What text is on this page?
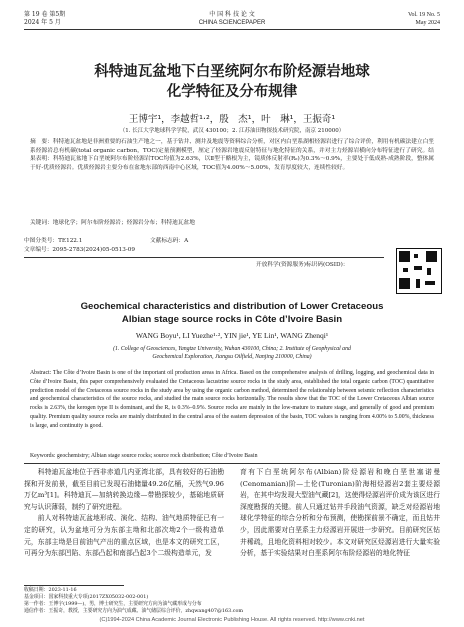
第 19 卷 第5期
2024 年 5 月
中 国 科 技 论 文
CHINA SCIENCEPAPER
Vol. 19 No. 5
May 2024
科特迪瓦盆地下白垩统阿尔布阶烃源岩地球
化学特征及分布规律
王博宇¹，李越哲¹·²，殷　杰¹，叶　琳¹，王振奇¹
（1. 长江大学地球科学学院，武汉 430100；2. 江苏油田物探技术研究院，南京 210000）
摘　要：科特迪瓦盆地是非洲重要的石油生产地之一，基于钻井、测井及地震等资料综合分析，对区内白垩系湖相烃源岩进行了综合评价，利用有机碳法建立白垩系烃源岩总有机碳(total organic carbon，TOC)定量预测模型，厘定了烃源岩地震反射特征与地化特征的关系，并对主力烃源岩横向分布特征进行了研究。结果表明：科特迪瓦盆地下白垩统阿尔布阶烃源岩TOC均值为2.63%，以Ⅱ型干酪根为主，镜质体反射率(Rₒ)为0.3%～0.9%，主要处于低成熟-成熟阶段，整体属于好-优质烃源岩。优质烃源岩主要分布在盆地东部的西南中心区域，TOC值为4.00%～5.00%，发育厚度较大，连续性较好。
关键词：地球化学；阿尔布阶烃源岩；烃源岩分布；科特迪瓦盆地
中图分类号：TE122.1	文献标志码：A
文章编号：2095-2783(2024)05-0513-09
开放科学(资源服务)标识码(OSID)：
Geochemical characteristics and distribution of Lower Cretaceous
Albian stage source rocks in Côte d’Ivoire Basin
WANG Boyu¹, LI Yuezhe¹·², YIN jie¹, YE Lin¹, WANG Zhenqi¹
(1. College of Geosciences, Yangtze University, Wuhan 430100, China; 2. Institute of Geophysical and
Geochemical Exploration, Jiangsu Oilfield, Nanjing 210000, China)
Abstract: The Côte d’Ivoire Basin is one of the important oil production areas in Africa. Based on the comprehensive analysis of drilling, logging, and geochemical data in Côte d’Ivoire Basin, this paper comprehensively evaluated the Cretaceous lacustrine source rocks in the study area, established the total organic carbon (TOC) quantitative prediction model of the Cretaceous source rocks in the study area by using the organic carbon method, determined the relationship between seismic reflection characteristics and geochemical characteristics of the source rocks, and studied the main source rocks horizontally. The results show that the TOC of the Lower Cretaceous Albian source rocks is 2.63%, the kerogen type II is dominant, and the Rₒ is 0.3%–0.9%. Source rocks are mainly in the low-mature to mature stage, and generally of good and premium quality. Premium quality source rocks are mainly distributed in the central area of the eastern depression of the basin, TOC values is ranging from 4.00% to 5.00%, thickness is large, and continuity is good.
Keywords: geochemistry; Albian stage source rocks; source rock distribution; Côte d’Ivoire Basin
　　科特迪瓦盆地位于西非赤道几内亚湾北部，具有较好的石油勘探和开发前景，截至目前已发现石油储量49.26亿桶，天然气9.96万亿m³[1]。科特迪瓦—加纳转换边缘—带勘探较少，基础地质研究与认识薄弱，制约了研究进程。
　　前人对科特迪瓦盆地形成、演化、结构、油气地质特征已有一定的研究，认为盆地可分为东部主坳和北部次坳2个一级构造单元，东部主坳是目前油气产出的重点区域，也是本文的研究工区，可再分为东部凹陷、东部凸起和南部凸起3个二级构造单元，发
育有下白垩统阿尔布(Albian)阶烃源岩和晚白垩世塞诺曼(Cenomanian)阶—土伦(Turonian)阶海相烃源岩2套主要烃源岩，在其中均发现大型油气藏[2]，这使得烃源岩评价成为该区进行深度勘探的关键。前人只通过钻井手段油气资源，缺乏对烃源岩地球化学特征的综合分析和分布预测，使勘探前景不确定，而且钻井少，因此需要对白垩系主力烃源岩开展进一步研究。目前研究区钻井稀疏，且地化资料相对较少。本文对研究区烃源岩进行大量实验分析，基于实验结果对白垩系阿尔布阶烃源岩的地化特征
收稿日期：2023-11-16
基金项目：国家科技重大专项(2017ZX05032-002-001)
第一作者：王博宇(1999—)，男，博士研究生，主要研究方向为油气藏形成与分布
通信作者：王振奇，教授，主要研究方向为油气成藏、油气储层综合评价，zhqwang407@163.com
(C)1994-2024 China Academic Journal Electronic Publishing House. All rights reserved. http://www.cnki.net
